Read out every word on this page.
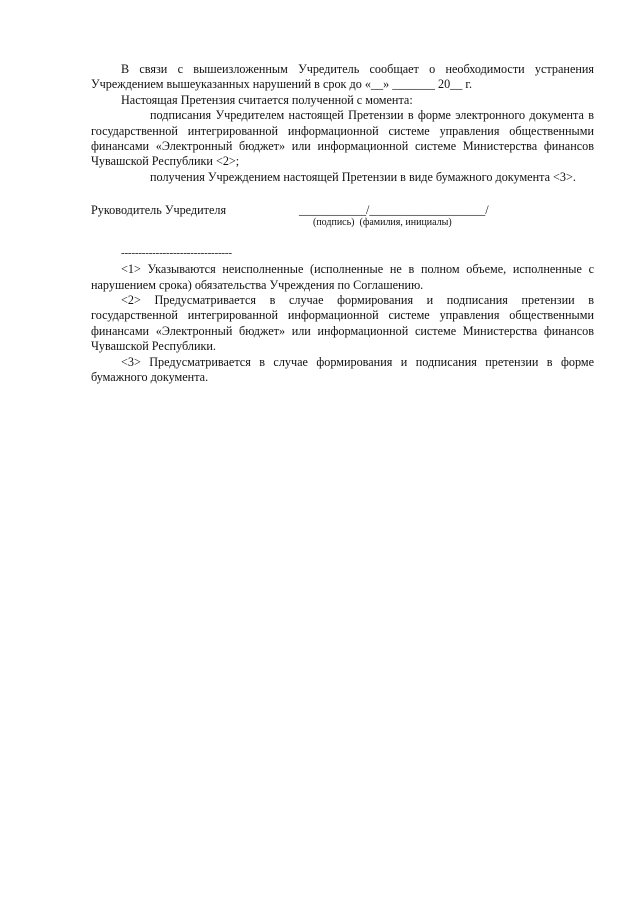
В связи с вышеизложенным Учредитель сообщает о необходимости устранения Учреждением вышеуказанных нарушений в срок до «__» _______ 20__ г.

Настоящая Претензия считается полученной с момента:

подписания Учредителем настоящей Претензии в форме электронного документа в государственной интегрированной информационной системе управления общественными финансами «Электронный бюджет» или информационной системе Министерства финансов Чувашской Республики <2>;

получения Учреждением настоящей Претензии в виде бумажного документа <3>.

Руководитель Учредителя	___________/___________________/
(подпись)  (фамилия, инициалы)
--------------------------------

<1> Указываются неисполненные (исполненные не в полном объеме, исполненные с нарушением срока) обязательства Учреждения по Соглашению.

<2> Предусматривается в случае формирования и подписания претензии в государственной интегрированной информационной системе управления общественными финансами «Электронный бюджет» или информационной системе Министерства финансов Чувашской Республики.

<3> Предусматривается в случае формирования и подписания претензии в форме бумажного документа.
